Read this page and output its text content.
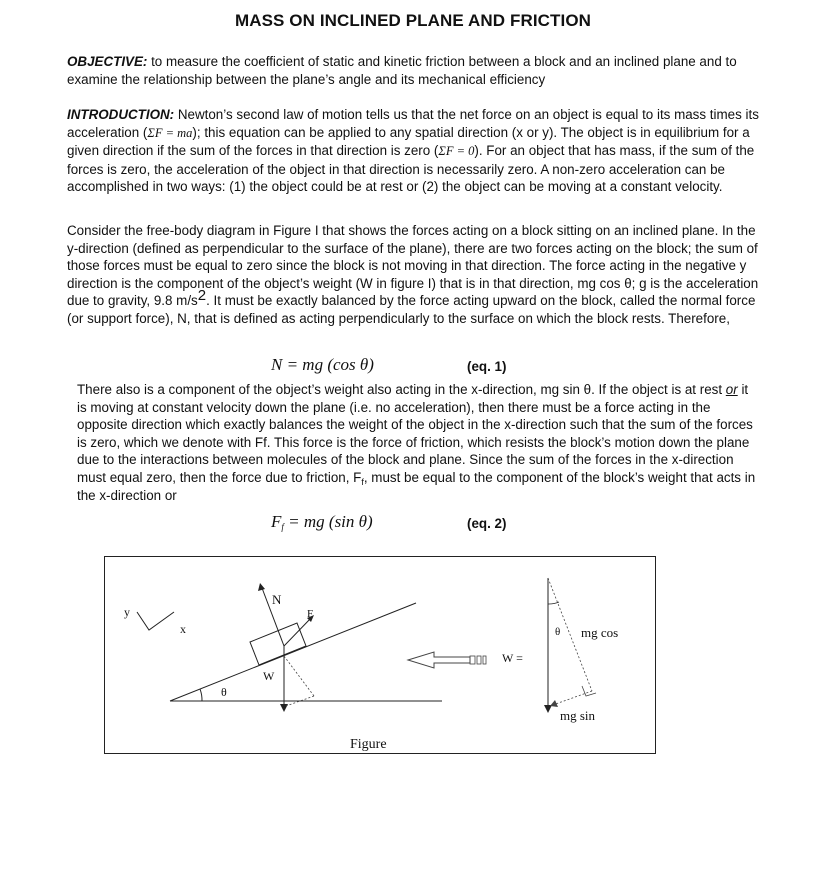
MASS ON INCLINED PLANE AND FRICTION
OBJECTIVE: to measure the coefficient of static and kinetic friction between a block and an inclined plane and to examine the relationship between the plane’s angle and its mechanical efficiency
INTRODUCTION: Newton’s second law of motion tells us that the net force on an object is equal to its mass times its acceleration (ΣF = ma); this equation can be applied to any spatial direction (x or y). The object is in equilibrium for a given direction if the sum of the forces in that direction is zero (ΣF = 0). For an object that has mass, if the sum of the forces is zero, the acceleration of the object in that direction is necessarily zero. A non-zero acceleration can be accomplished in two ways: (1) the object could be at rest or (2) the object can be moving at a constant velocity.
Consider the free-body diagram in Figure I that shows the forces acting on a block sitting on an inclined plane. In the y-direction (defined as perpendicular to the surface of the plane), there are two forces acting on the block; the sum of those forces must be equal to zero since the block is not moving in that direction. The force acting in the negative y direction is the component of the object’s weight (W in figure I) that is in that direction, mg cos θ; g is the acceleration due to gravity, 9.8 m/s2. It must be exactly balanced by the force acting upward on the block, called the normal force (or support force), N, that is defined as acting perpendicularly to the surface on which the block rests. Therefore,
N = mg (cos θ)	(eq. 1)
There also is a component of the object’s weight also acting in the x-direction, mg sin θ. If the object is at rest or it is moving at constant velocity down the plane (i.e. no acceleration), then there must be a force acting in the opposite direction which exactly balances the weight of the object in the x-direction such that the sum of the forces is zero, which we denote with Ff. This force is the force of friction, which resists the block’s motion down the plane due to the interactions between molecules of the block and plane. Since the sum of the forces in the x-direction must equal zero, then the force due to friction, $F_f$, must be equal to the component of the block’s weight that acts in the x-direction or
$F_f$ = mg (sin θ)	(eq. 2)
y
x
θ
N
F
W
W =
θ mg cos
mg sin
Figure
